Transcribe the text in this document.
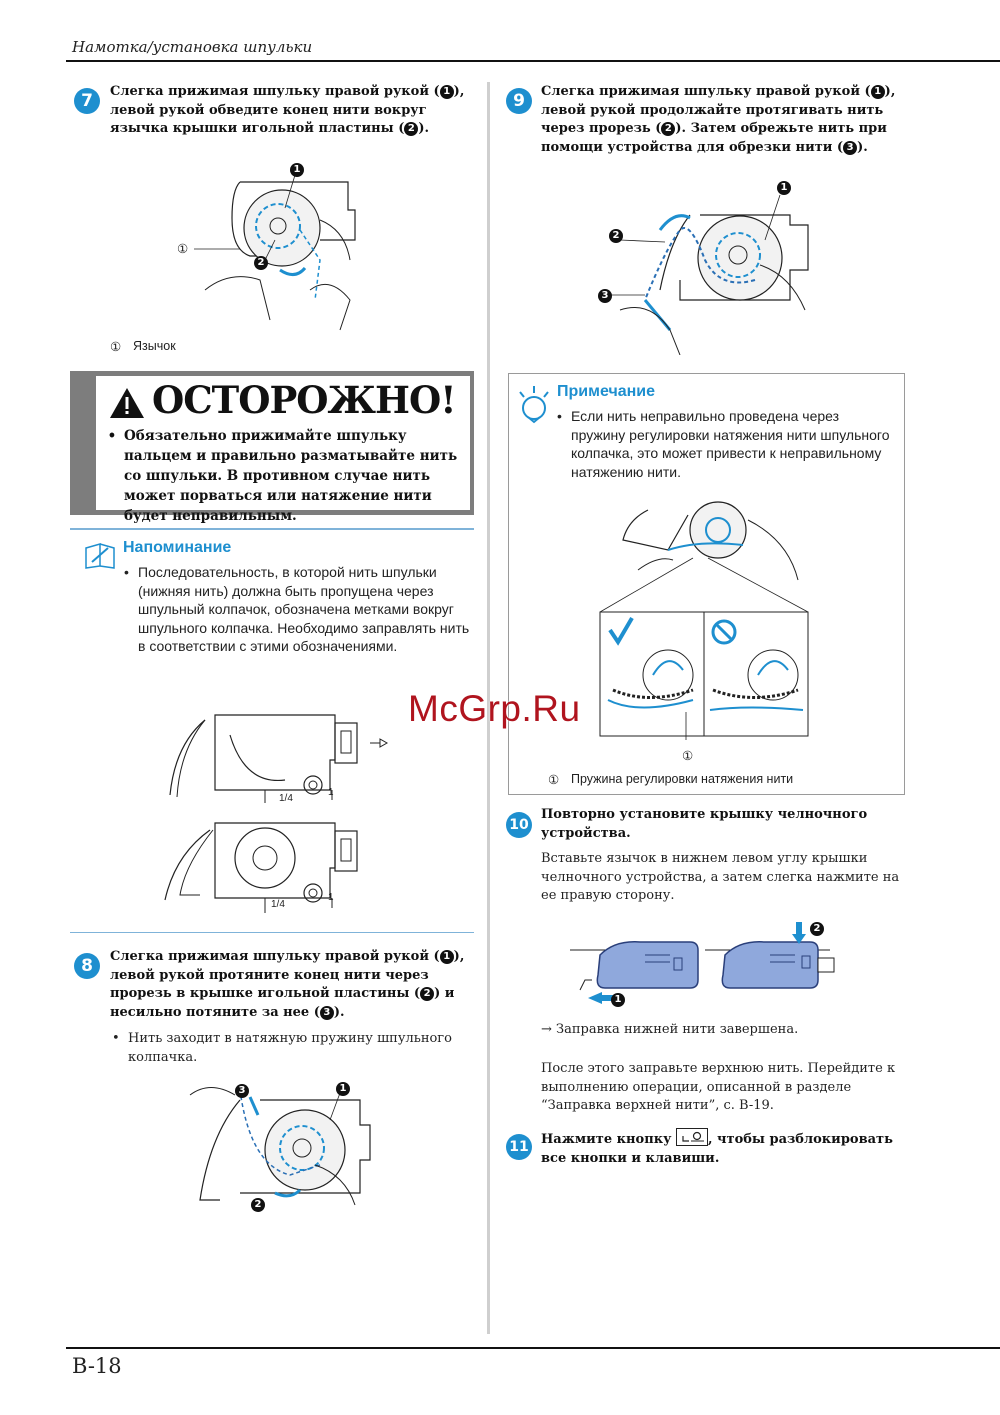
Намотка/установка шпульки
B-18
7	Слегка прижимая шпульку правой рукой ( 1 ), левой рукой обведите конец нити вокруг язычка крышки игольной пластины ( 2 ).
1
2
①
① Язычок
ОСТОРОЖНО!
• Обязательно прижимайте шпульку пальцем и правильно разматывайте нить со шпульки. В противном случае нить может порваться или натяжение нити будет неправильным.
Напоминание
• Последовательность, в которой нить шпульки (нижняя нить) должна быть пропущена через шпульный колпачок, обозначена метками вокруг шпульного колпачка. Необходимо заправлять нить в соответствии с этими обозначениями.
1/4
1
1/4
1
8	Слегка прижимая шпульку правой рукой ( 1 ), левой рукой протяните конец нити через прорезь в крышке игольной пластины ( 2 ) и несильно потяните за нее ( 3 ).
• Нить заходит в натяжную пружину шпульного колпачка.
1
3
2
9	Слегка прижимая шпульку правой рукой ( 1 ), левой рукой продолжайте протягивать нить через прорезь ( 2 ). Затем обрежьте нить при помощи устройства для обрезки нити ( 3 ).
1
2
3
Примечание
• Если нить неправильно проведена через пружину регулировки натяжения нити шпульного колпачка, это может привести к неправильному натяжению нити.
①
① Пружина регулировки натяжения нити
10
Повторно установите крышку челночного устройства.
Вставьте язычок в нижнем левом углу крышки челночного устройства, а затем слегка нажмите на ее правую сторону.
1
2
→ Заправка нижней нити завершена.
После этого заправьте верхнюю нить. Перейдите к выполнению операции, описанной в разделе “Заправка верхней нити”, с. B-19.
11 Нажмите кнопку
, чтобы разблокировать все кнопки и клавиши.
McGrp.Ru
